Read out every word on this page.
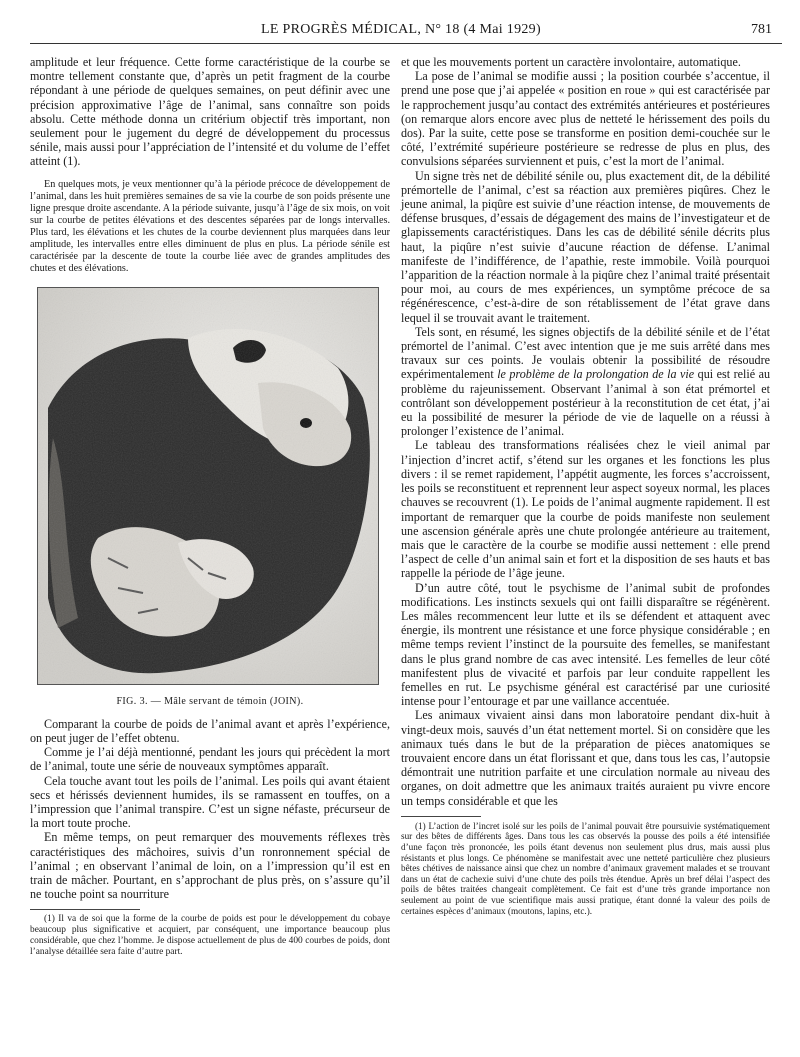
LE PROGRÈS MÉDICAL, N° 18 (4 Mai 1929)	781

amplitude et leur fréquence. Cette forme caractéristique de la courbe se montre tellement constante que, d’après un petit fragment de la courbe répondant à une période de quelques semaines, on peut définir avec une précision approximative l’âge de l’animal, sans connaître son poids absolu. Cette méthode donna un critérium objectif très important, non seulement pour le jugement du degré de développement du processus sénile, mais aussi pour l’appréciation de l’intensité et du volume de l’effet atteint (1).

En quelques mots, je veux mentionner qu’à la période précoce de développement de l’animal, dans les huit premières semaines de sa vie la courbe de son poids présente une ligne presque droite ascendante. A la période suivante, jusqu’à l’âge de six mois, on voit sur la courbe de petites élévations et des descentes séparées par de longs intervalles. Plus tard, les élévations et les chutes de la courbe deviennent plus marquées dans leur amplitude, les intervalles entre elles diminuent de plus en plus. La période sénile est caractérisée par la descente de toute la courbe liée avec de grandes amplitudes des chutes et des élévations.

FIG. 3. — Mâle servant de témoin (JOIN).

Comparant la courbe de poids de l’animal avant et après l’expérience, on peut juger de l’effet obtenu.

Comme je l’ai déjà mentionné, pendant les jours qui précèdent la mort de l’animal, toute une série de nouveaux symptômes apparaît.

Cela touche avant tout les poils de l’animal. Les poils qui avant étaient secs et hérissés deviennent humides, ils se ramassent en touffes, on a l’impression que l’animal transpire. C’est un signe néfaste, précurseur de la mort toute proche.

En même temps, on peut remarquer des mouvements réflexes très caractéristiques des mâchoires, suivis d’un ronronnement spécial de l’animal ; en observant l’animal de loin, on a l’impression qu’il est en train de mâcher. Pourtant, en s’approchant de plus près, on s’assure qu’il ne touche point sa nourriture

(1) Il va de soi que la forme de la courbe de poids est pour le développement du cobaye beaucoup plus significative et acquiert, par conséquent, une importance beaucoup plus considérable, que chez l’homme. Je dispose actuellement de plus de 400 courbes de poids, dont l’analyse détaillée sera faite d’autre part.

et que les mouvements portent un caractère involontaire, automatique.

La pose de l’animal se modifie aussi ; la position courbée s’accentue, il prend une pose que j’ai appelée « position en roue » qui est caractérisée par le rapprochement jusqu’au contact des extrémités antérieures et postérieures (on remarque alors encore avec plus de netteté le hérissement des poils du dos). Par la suite, cette pose se transforme en position demi-couchée sur le côté, l’extrémité supérieure postérieure se redresse de plus en plus, des convulsions séparées surviennent et puis, c’est la mort de l’animal.

Un signe très net de débilité sénile ou, plus exactement dit, de la débilité prémortelle de l’animal, c’est sa réaction aux premières piqûres. Chez le jeune animal, la piqûre est suivie d’une réaction intense, de mouvements de défense brusques, d’essais de dégagement des mains de l’investigateur et de glapissements caractéristiques. Dans les cas de débilité sénile décrits plus haut, la piqûre n’est suivie d’aucune réaction de défense. L’animal manifeste de l’indifférence, de l’apathie, reste immobile. Voilà pourquoi l’apparition de la réaction normale à la piqûre chez l’animal traité présentait pour moi, au cours de mes expériences, un symptôme précoce de sa régénérescence, c’est-à-dire de son rétablissement de l’état grave dans lequel il se trouvait avant le traitement.

Tels sont, en résumé, les signes objectifs de la débilité sénile et de l’état prémortel de l’animal. C’est avec intention que je me suis arrêté dans mes travaux sur ces points. Je voulais obtenir la possibilité de résoudre expérimentalement le problème de la prolongation de la vie qui est relié au problème du rajeunissement. Observant l’animal à son état prémortel et contrôlant son développement postérieur à la reconstitution de cet état, j’ai eu la possibilité de mesurer la période de vie de laquelle on a réussi à prolonger l’existence de l’animal.

Le tableau des transformations réalisées chez le vieil animal par l’injection d’incret actif, s’étend sur les organes et les fonctions les plus divers : il se remet rapidement, l’appétit augmente, les forces s’accroissent, les poils se reconstituent et reprennent leur aspect soyeux normal, les places chauves se recouvrent (1). Le poids de l’animal augmente rapidement. Il est important de remarquer que la courbe de poids manifeste non seulement une ascension générale après une chute prolongée antérieure au traitement, mais que le caractère de la courbe se modifie aussi nettement : elle prend l’aspect de celle d’un animal sain et fort et la disposition de ses hauts et bas rappelle la période de l’âge jeune.

D’un autre côté, tout le psychisme de l’animal subit de profondes modifications. Les instincts sexuels qui ont failli disparaître se régénèrent. Les mâles recommencent leur lutte et ils se défendent et attaquent avec énergie, ils montrent une résistance et une force physique considérable ; en même temps revient l’instinct de la poursuite des femelles, se manifestant dans le plus grand nombre de cas avec intensité. Les femelles de leur côté manifestent plus de vivacité et parfois par leur conduite rappellent les femelles en rut. Le psychisme général est caractérisé par une curiosité intense pour l’entourage et par une vaillance accentuée.

Les animaux vivaient ainsi dans mon laboratoire pendant dix-huit à vingt-deux mois, sauvés d’un état nettement mortel. Si on considère que les animaux tués dans le but de la préparation de pièces anatomiques se trouvaient encore dans un état florissant et que, dans tous les cas, l’autopsie démontrait une nutrition parfaite et une circulation normale au niveau des organes, on doit admettre que les animaux traités auraient pu vivre encore un temps considérable et que les

(1) L’action de l’incret isolé sur les poils de l’animal pouvait être poursuivie systématiquement sur des bêtes de différents âges. Dans tous les cas observés la pousse des poils a été intensifiée d’une façon très prononcée, les poils étant devenus non seulement plus drus, mais aussi plus résistants et plus longs. Ce phénomène se manifestait avec une netteté particulière chez plusieurs bêtes chétives de naissance ainsi que chez un nombre d’animaux gravement malades et se trouvant dans un état de cachexie suivi d’une chute des poils très étendue. Après un bref délai l’aspect des poils de bêtes traitées changeait complètement. Ce fait est d’une très grande importance non seulement au point de vue scientifique mais aussi pratique, étant donné la valeur des poils de certaines espèces d’animaux (moutons, lapins, etc.).
